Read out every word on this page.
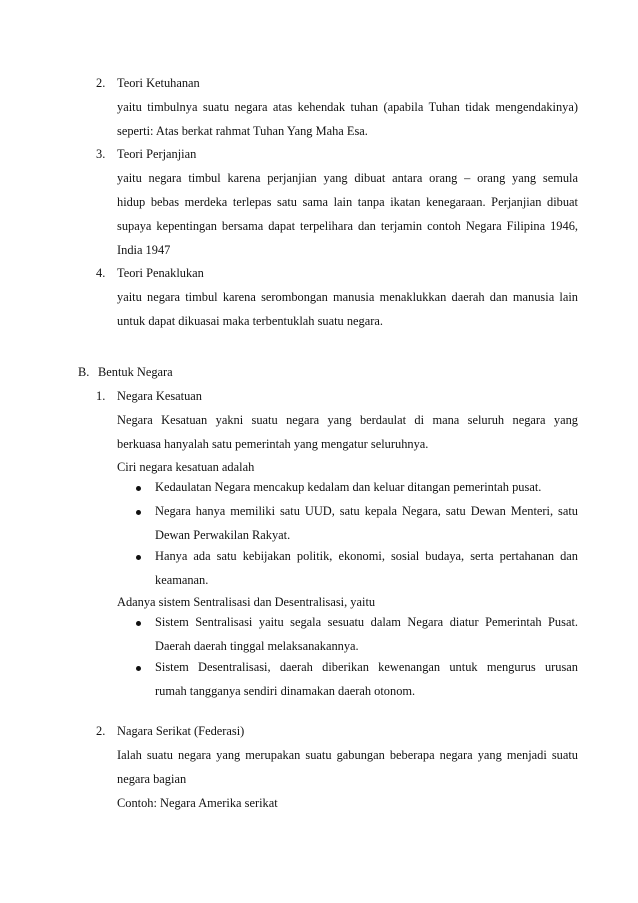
2. Teori Ketuhanan
yaitu timbulnya suatu negara atas kehendak tuhan (apabila Tuhan tidak mengendakinya)
seperti: Atas berkat rahmat Tuhan Yang Maha Esa.
3. Teori Perjanjian
yaitu negara timbul karena perjanjian yang dibuat antara orang – orang yang semula
hidup bebas merdeka terlepas satu sama lain tanpa ikatan kenegaraan. Perjanjian dibuat
supaya kepentingan bersama dapat terpelihara dan terjamin contoh Negara Filipina 1946,
India 1947
4. Teori Penaklukan
yaitu negara timbul karena serombongan manusia menaklukkan daerah dan manusia lain
untuk dapat dikuasai maka terbentuklah suatu negara.
B. Bentuk Negara
1. Negara Kesatuan
Negara Kesatuan yakni suatu negara yang berdaulat di mana seluruh negara yang
berkuasa hanyalah satu pemerintah yang mengatur seluruhnya.
Ciri negara kesatuan adalah
Kedaulatan Negara mencakup kedalam dan keluar ditangan pemerintah pusat.
Negara hanya memiliki satu UUD, satu kepala Negara, satu Dewan Menteri, satu
Dewan Perwakilan Rakyat.
Hanya ada satu kebijakan politik, ekonomi, sosial budaya, serta pertahanan dan
keamanan.
Adanya sistem Sentralisasi dan Desentralisasi, yaitu
Sistem Sentralisasi yaitu segala sesuatu dalam Negara diatur Pemerintah Pusat.
Daerah daerah tinggal melaksanakannya.
Sistem Desentralisasi, daerah diberikan kewenangan untuk mengurus urusan
rumah tangganya sendiri dinamakan daerah otonom.
2. Nagara Serikat (Federasi)
Ialah suatu negara yang merupakan suatu gabungan beberapa negara yang menjadi suatu
negara bagian
Contoh: Negara Amerika serikat
